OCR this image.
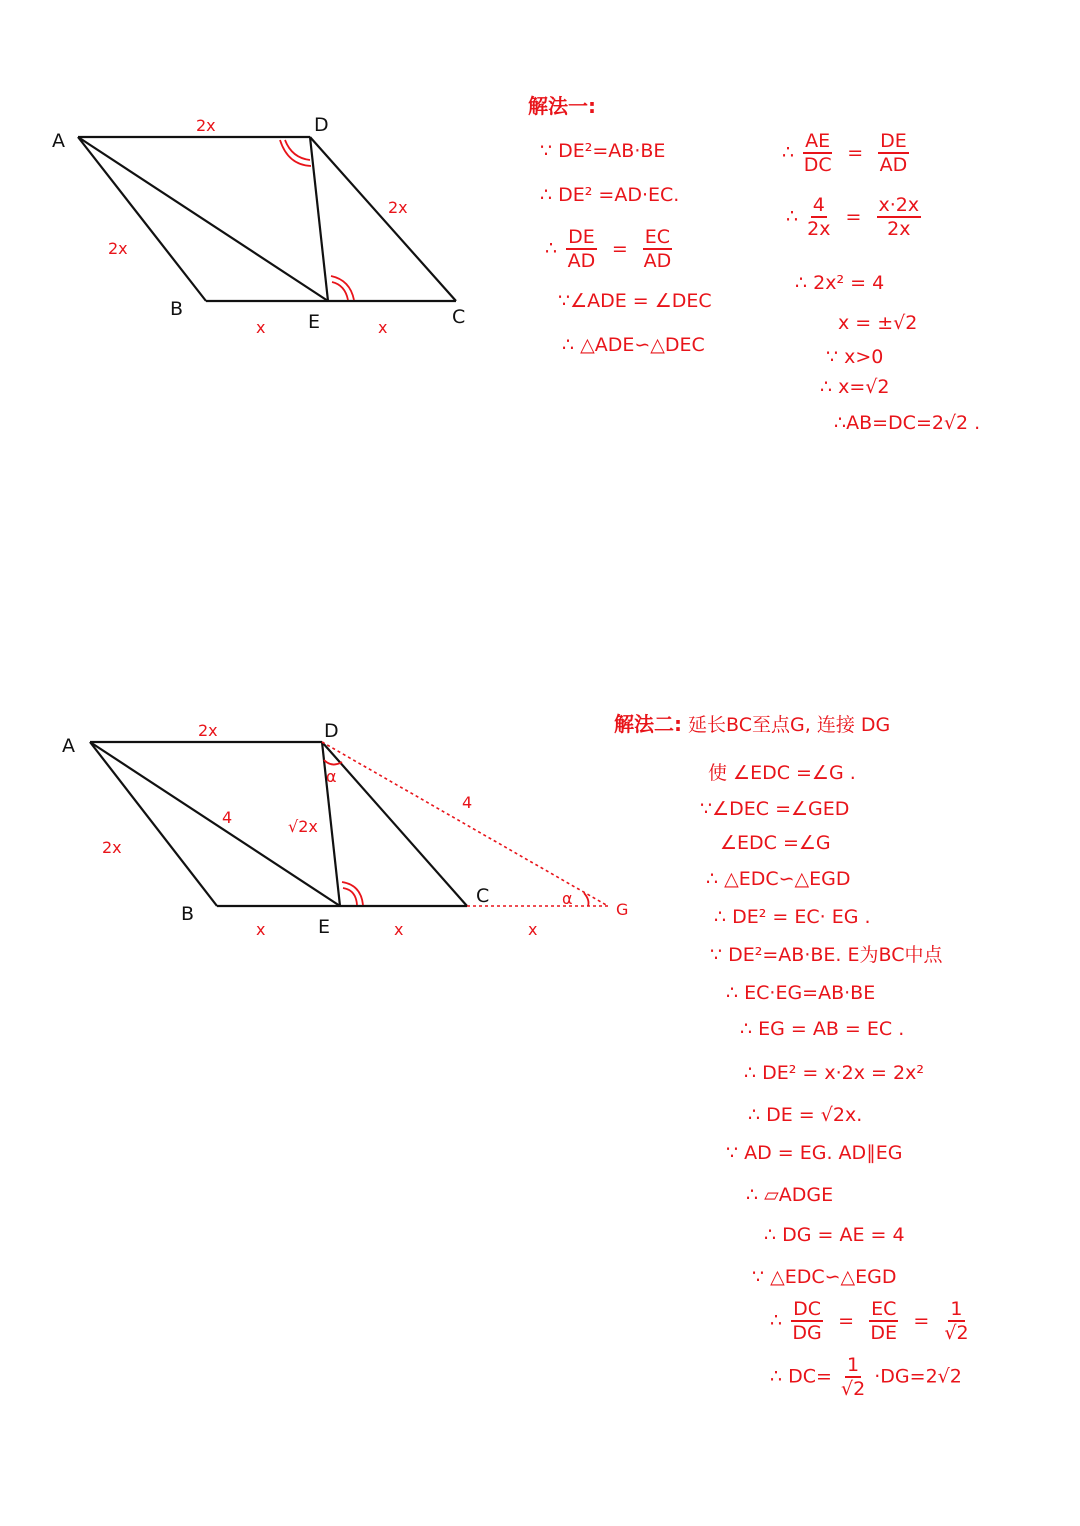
A
D
B
E	C
2x
2x
2x
x	x
A
D
B
E
C
G
2x
2x
4	√2x
4
x	x	x
α
α
解法一:
∵ DE²=AB·BE
∴ DE² =AD·EC.
∴ $\frac{DE}{AD} = \frac{EC}{AD}$
∵∠ADE = ∠DEC
∴ △ADE∽△DEC
∴ $\frac{AE}{DC} = \frac{DE}{AD}$
∴ $\frac{4}{2x} = \frac{x\cdot 2x}{2x}$
∴ 2x² = 4
x = ±√2
∵ x>0
∴ x=√2
∴AB=DC=2√2 .
解法二: 延长BC至点G, 连接 DG
使 ∠EDC =∠G .
∵∠DEC =∠GED
∠EDC =∠G
∴ △EDC∽△EGD
∴ DE² = EC· EG .
∵ DE²=AB·BE. E为BC中点
∴ EC·EG=AB·BE
∴ EG = AB = EC .
∴ DE² = x·2x = 2x²
∴ DE = √2x.
∵ AD = EG. AD∥EG
∴ ▱ADGE
∴ DG = AE = 4
∵ △EDC∽△EGD
∴ $\frac{DC}{DG} = \frac{EC}{DE} = \frac{1}{√2}$
∴ $DC= \frac{1}{√2} \cdot DG=2√2$
